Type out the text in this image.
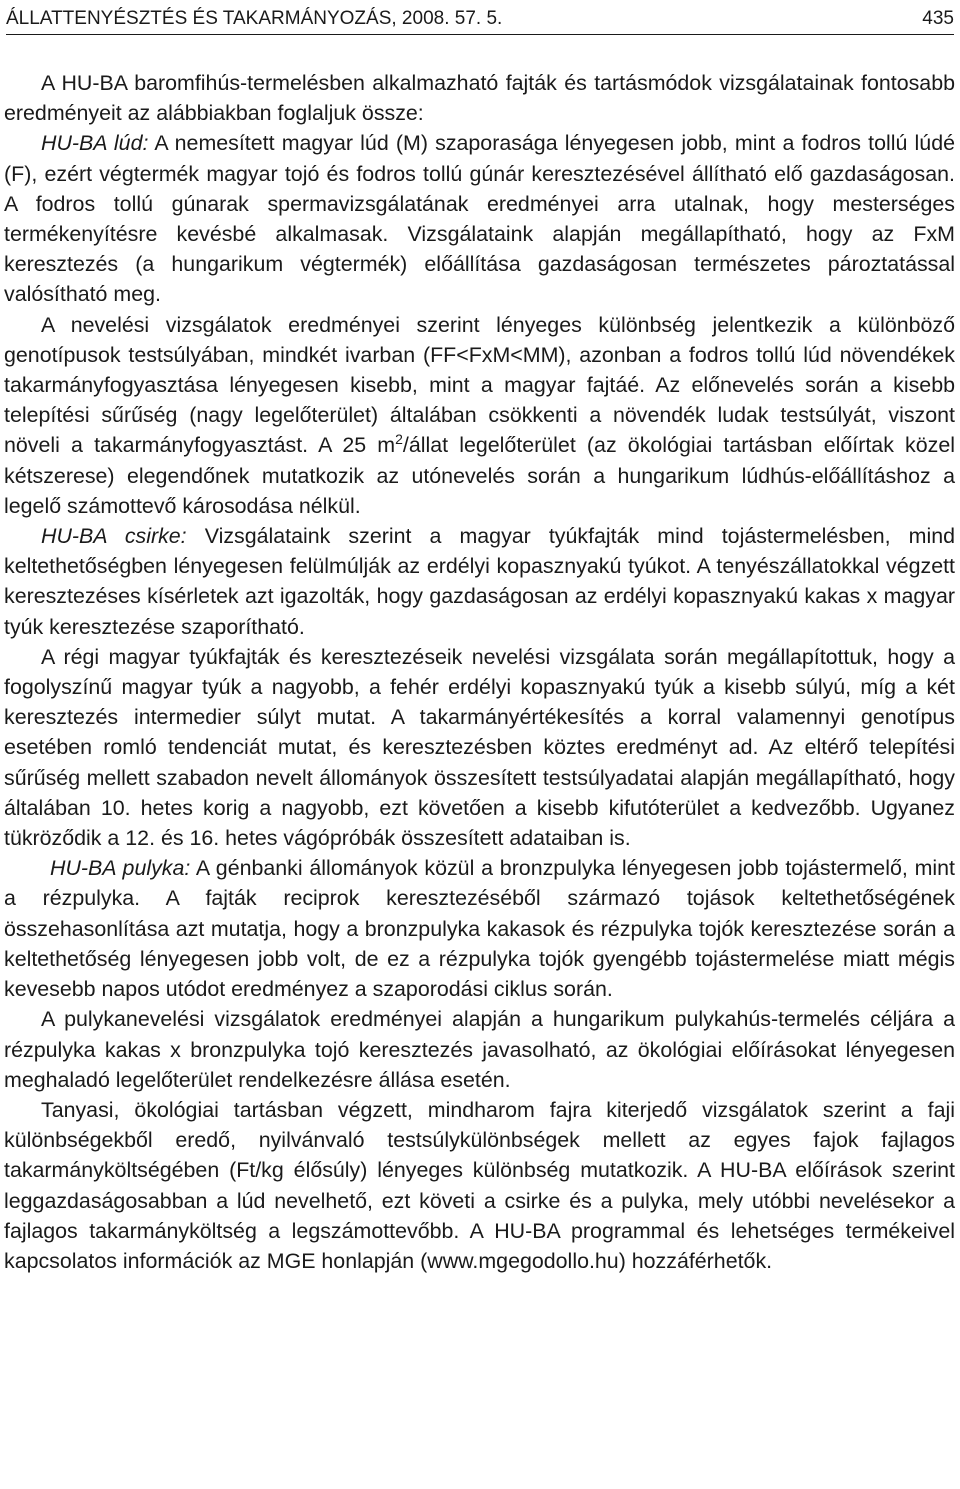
ÁLLATTENYÉSZTÉS ÉS TAKARMÁNYOZÁS, 2008. 57. 5.	435

A HU-BA baromfihús-termelésben alkalmazható fajták és tartásmódok vizsgálatainak fontosabb eredményeit az alábbiakban foglaljuk össze:

HU-BA lúd: A nemesített magyar lúd (M) szaporasága lényegesen jobb, mint a fodros tollú lúdé (F), ezért végtermék magyar tojó és fodros tollú gúnár keresztezésével állítható elő gazdaságosan. A fodros tollú gúnarak spermavizsgálatának eredményei arra utalnak, hogy mesterséges termékenyítésre kevésbé alkalmasak. Vizsgálataink alapján megállapítható, hogy az FxM keresztezés (a hungarikum végtermék) előállítása gazdaságosan természetes pároztatással valósítható meg.

A nevelési vizsgálatok eredményei szerint lényeges különbség jelentkezik a különböző genotípusok testsúlyában, mindkét ivarban (FF<FxM<MM), azonban a fodros tollú lúd növendékek takarmányfogyasztása lényegesen kisebb, mint a magyar fajtáé. Az előnevelés során a kisebb telepítési sűrűség (nagy legelőterület) általában csökkenti a növendék ludak testsúlyát, viszont növeli a takarmányfogyasztást. A 25 $m^2$/állat legelőterület (az ökológiai tartásban előírtak közel kétszerese) elegendőnek mutatkozik az utónevelés során a hungarikum lúdhús-előállításhoz a legelő számottevő károsodása nélkül.

HU-BA csirke: Vizsgálataink szerint a magyar tyúkfajták mind tojástermelésben, mind keltethetőségben lényegesen felülmúlják az erdélyi kopasznyakú tyúkot. A tenyészállatokkal végzett keresztezéses kísérletek azt igazolták, hogy gazdaságosan az erdélyi kopasznyakú kakas x magyar tyúk keresztezése szaporítható.

A régi magyar tyúkfajták és keresztezéseik nevelési vizsgálata során megállapítottuk, hogy a fogolyszínű magyar tyúk a nagyobb, a fehér erdélyi kopasznyakú tyúk a kisebb súlyú, míg a két keresztezés intermedier súlyt mutat. A takarmányértékesítés a korral valamennyi genotípus esetében romló tendenciát mutat, és keresztezésben köztes eredményt ad. Az eltérő telepítési sűrűség mellett szabadon nevelt állományok összesített testsúlyadatai alapján megállapítható, hogy általában 10. hetes korig a nagyobb, ezt követően a kisebb kifutóterület a kedvezőbb. Ugyanez tükröződik a 12. és 16. hetes vágópróbák összesített adataiban is.

HU-BA pulyka: A génbanki állományok közül a bronzpulyka lényegesen jobb tojástermelő, mint a rézpulyka. A fajták reciprok keresztezéséből származó tojások keltethetőségének összehasonlítása azt mutatja, hogy a bronzpulyka kakasok és rézpulyka tojók keresztezése során a keltethetőség lényegesen jobb volt, de ez a rézpulyka tojók gyengébb tojástermelése miatt mégis kevesebb napos utódot eredményez a szaporodási ciklus során.

A pulykanevelési vizsgálatok eredményei alapján a hungarikum pulykahús-termelés céljára a rézpulyka kakas x bronzpulyka tojó keresztezés javasolható, az ökológiai előírásokat lényegesen meghaladó legelőterület rendelkezésre állása esetén.

Tanyasi, ökológiai tartásban végzett, mindharom fajra kiterjedő vizsgálatok szerint a faji különbségekből eredő, nyilvánvaló testsúlykülönbségek mellett az egyes fajok fajlagos takarmányköltségében (Ft/kg élősúly) lényeges különbség mutatkozik. A HU-BA előírások szerint leggazdaságosabban a lúd nevelhető, ezt követi a csirke és a pulyka, mely utóbbi nevelésekor a fajlagos takarmányköltség a legszámottevőbb. A HU-BA programmal és lehetséges termékeivel kapcsolatos információk az MGE honlapján (www.mgegodollo.hu) hozzáférhetők.
